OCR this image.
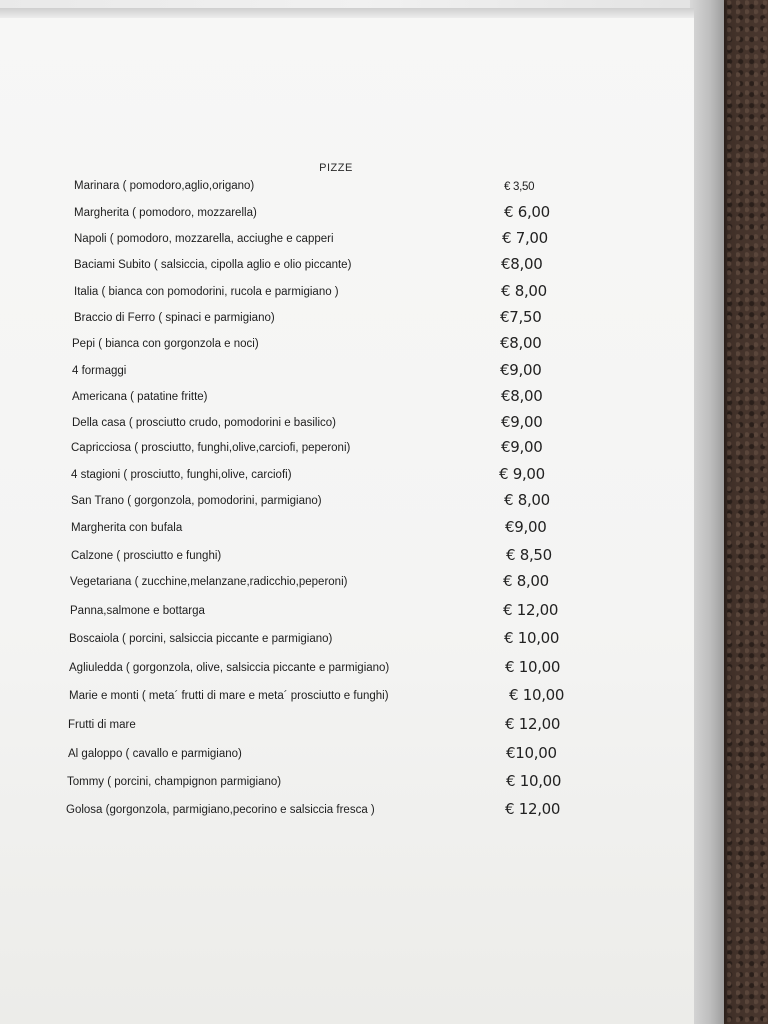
PIZZE
Marinara ( pomodoro,aglio,origano)	€ 3,50
Margherita ( pomodoro, mozzarella)	€ 6,00
Napoli ( pomodoro, mozzarella, acciughe e capperi	€ 7,00
Baciami Subito ( salsiccia, cipolla aglio e olio piccante)	€8,00
Italia ( bianca con pomodorini, rucola e parmigiano )	€ 8,00
Braccio di Ferro ( spinaci e parmigiano)	€7,50
Pepi ( bianca con gorgonzola e noci)	€8,00
4 formaggi	€9,00
Americana ( patatine fritte)	€8,00
Della casa ( prosciutto crudo, pomodorini e basilico)	€9,00
Capricciosa ( prosciutto, funghi,olive,carciofi, peperoni)	€9,00
4 stagioni ( prosciutto, funghi,olive, carciofi)	€ 9,00
San Trano ( gorgonzola, pomodorini, parmigiano)	€ 8,00
Margherita con bufala	€9,00
Calzone ( prosciutto e funghi)	€ 8,50
Vegetariana ( zucchine,melanzane,radicchio,peperoni)	€ 8,00
Panna,salmone e bottarga	€ 12,00
Boscaiola ( porcini, salsiccia piccante e parmigiano)	€ 10,00
Agliuledda ( gorgonzola, olive, salsiccia piccante e parmigiano)	€ 10,00
Marie e monti ( meta´ frutti di mare e meta´ prosciutto e funghi)	€ 10,00
Frutti di mare	€ 12,00
Al galoppo ( cavallo e parmigiano)	€10,00
Tommy ( porcini, champignon parmigiano)	€ 10,00
Golosa (gorgonzola, parmigiano,pecorino e salsiccia fresca )	€ 12,00
